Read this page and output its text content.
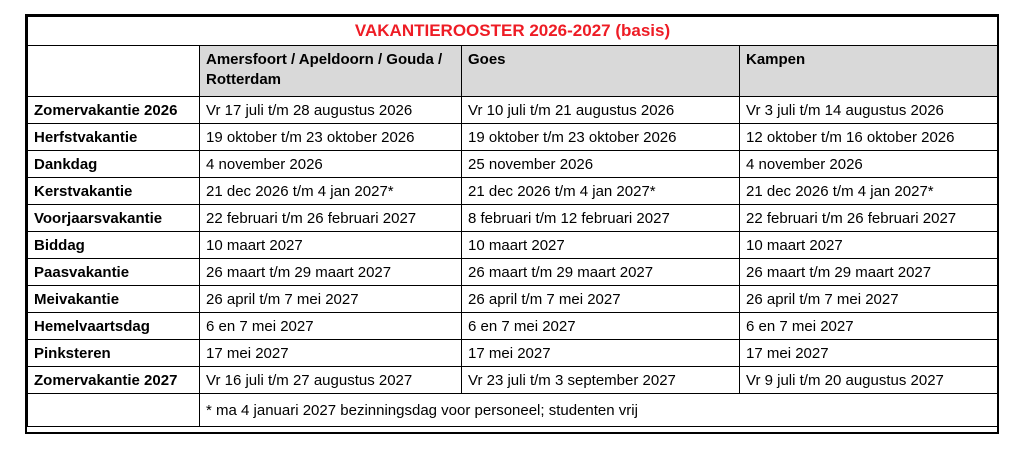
VAKANTIEROOSTER 2026-2027 (basis)			
	Amersfoort / Apeldoorn / Gouda / Rotterdam	Goes	Kampen
Zomervakantie 2026	Vr 17 juli t/m 28 augustus 2026	Vr 10 juli t/m 21 augustus 2026	Vr 3 juli t/m 14 augustus 2026
Herfstvakantie	19 oktober t/m 23 oktober 2026	19 oktober t/m 23 oktober 2026	12 oktober t/m 16 oktober 2026
Dankdag	4 november 2026	25 november 2026	4 november 2026
Kerstvakantie	21 dec 2026 t/m 4 jan 2027*	21 dec 2026 t/m 4 jan 2027*	21 dec 2026 t/m 4 jan 2027*
Voorjaarsvakantie	22 februari t/m 26 februari 2027	8 februari t/m 12 februari 2027	22 februari t/m 26 februari 2027
Biddag	10 maart 2027	10 maart 2027	10 maart 2027
Paasvakantie	26 maart t/m 29 maart 2027	26 maart t/m 29 maart 2027	26 maart t/m 29 maart 2027
Meivakantie	26 april t/m 7 mei 2027	26 april t/m 7 mei 2027	26 april t/m 7 mei 2027
Hemelvaartsdag	6 en 7 mei 2027	6 en 7 mei 2027	6 en 7 mei 2027
Pinksteren	17 mei 2027	17 mei 2027	17 mei 2027
Zomervakantie 2027	Vr 16 juli t/m 27 augustus 2027	Vr 23 juli t/m 3 september 2027	Vr 9 juli t/m 20 augustus 2027
	* ma 4 januari 2027 bezinningsdag voor personeel; studenten vrij		
